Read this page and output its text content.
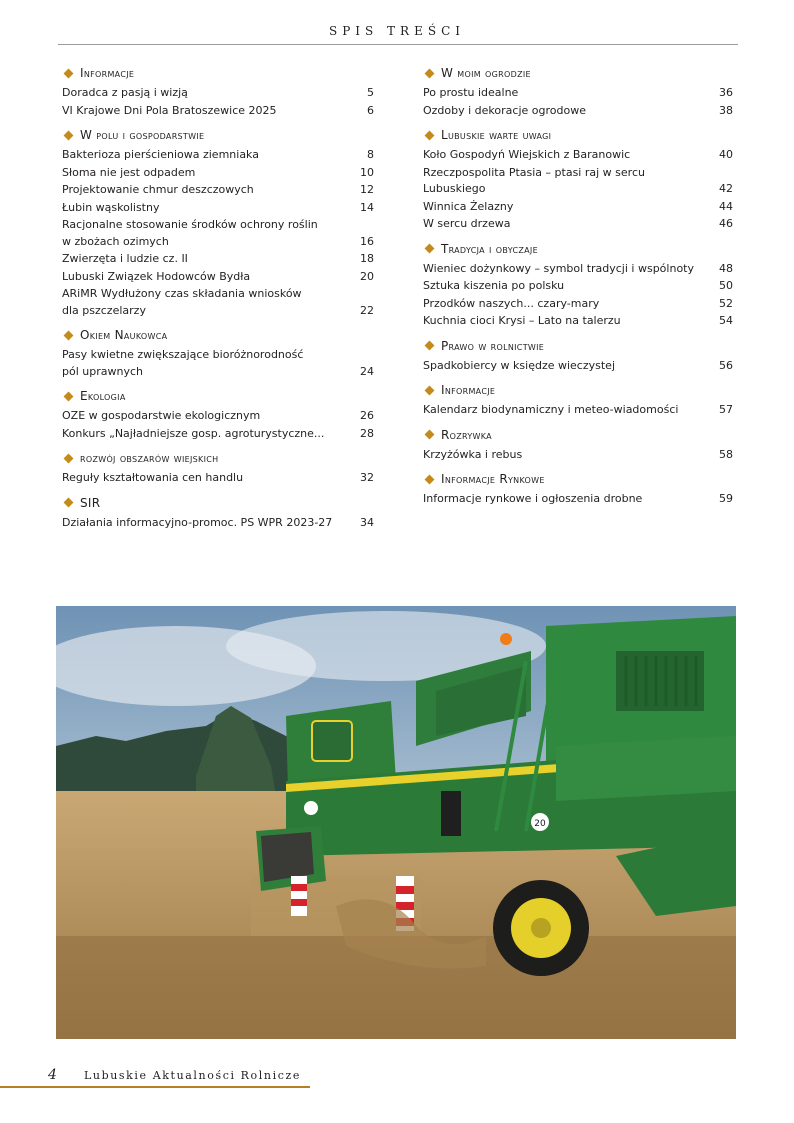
SPIS TREŚCI
Informacje
Doradca z pasją i wizją	5
VI Krajowe Dni Pola Bratoszewice 2025	6
W polu i gospodarstwie
Bakterioza pierścieniowa ziemniaka	8
Słoma nie jest odpadem	10
Projektowanie chmur deszczowych	12
Łubin wąskolistny	14
Racjonalne stosowanie środków ochrony roślin
w zbożach ozimych	16
Zwierzęta i ludzie cz. II	18
Lubuski Związek Hodowców Bydła	20
ARiMR Wydłużony czas składania wniosków
dla pszczelarzy	22
Okiem Naukowca
Pasy kwietne zwiększające bioróżnorodność
pól uprawnych	24
Ekologia
OZE w gospodarstwie ekologicznym	26
Konkurs „Najładniejsze gosp. agroturystyczne...	28
rozwój obszarów wiejskich
Reguły kształtowania cen handlu	32
SIR
Działania informacyjno-promoc. PS WPR 2023-27	34
W moim ogrodzie
Po prostu idealne	36
Ozdoby i dekoracje ogrodowe	38
Lubuskie warte uwagi
Koło Gospodyń Wiejskich z Baranowic	40
Rzeczpospolita Ptasia – ptasi raj w sercu Lubuskiego	42
Winnica Żelazny	44
W sercu drzewa	46
Tradycja i obyczaje
Wieniec dożynkowy – symbol tradycji i wspólnoty	48
Sztuka kiszenia po polsku	50
Przodków naszych... czary-mary	52
Kuchnia cioci Krysi – Lato na talerzu	54
Prawo w rolnictwie
Spadkobiercy w księdze wieczystej	56
Informacje
Kalendarz biodynamiczny i meteo-wiadomości	57
Rozrywka
Krzyżówka i rebus	58
Informacje Rynkowe
Informacje rynkowe i ogłoszenia drobne	59
20
4 Lubuskie Aktualności Rolnicze
